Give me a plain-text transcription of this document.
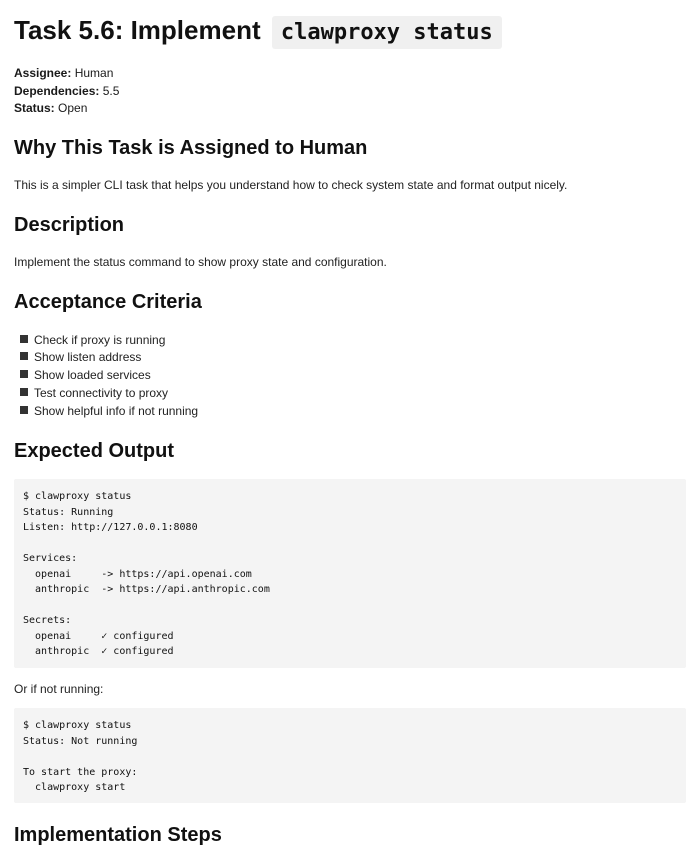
Task 5.6: Implement clawproxy status
Assignee: Human
Dependencies: 5.5
Status: Open
Why This Task is Assigned to Human
This is a simpler CLI task that helps you understand how to check system state and format output nicely.
Description
Implement the status command to show proxy state and configuration.
Acceptance Criteria
Check if proxy is running
Show listen address
Show loaded services
Test connectivity to proxy
Show helpful info if not running
Expected Output
$ clawproxy status
Status: Running
Listen: http://127.0.0.1:8080

Services:
openai     -> https://api.openai.com
anthropic  -> https://api.anthropic.com

Secrets:
openai     ✓ configured
anthropic  ✓ configured
Or if not running:
$ clawproxy status
Status: Not running

To start the proxy:
clawproxy start
Implementation Steps
